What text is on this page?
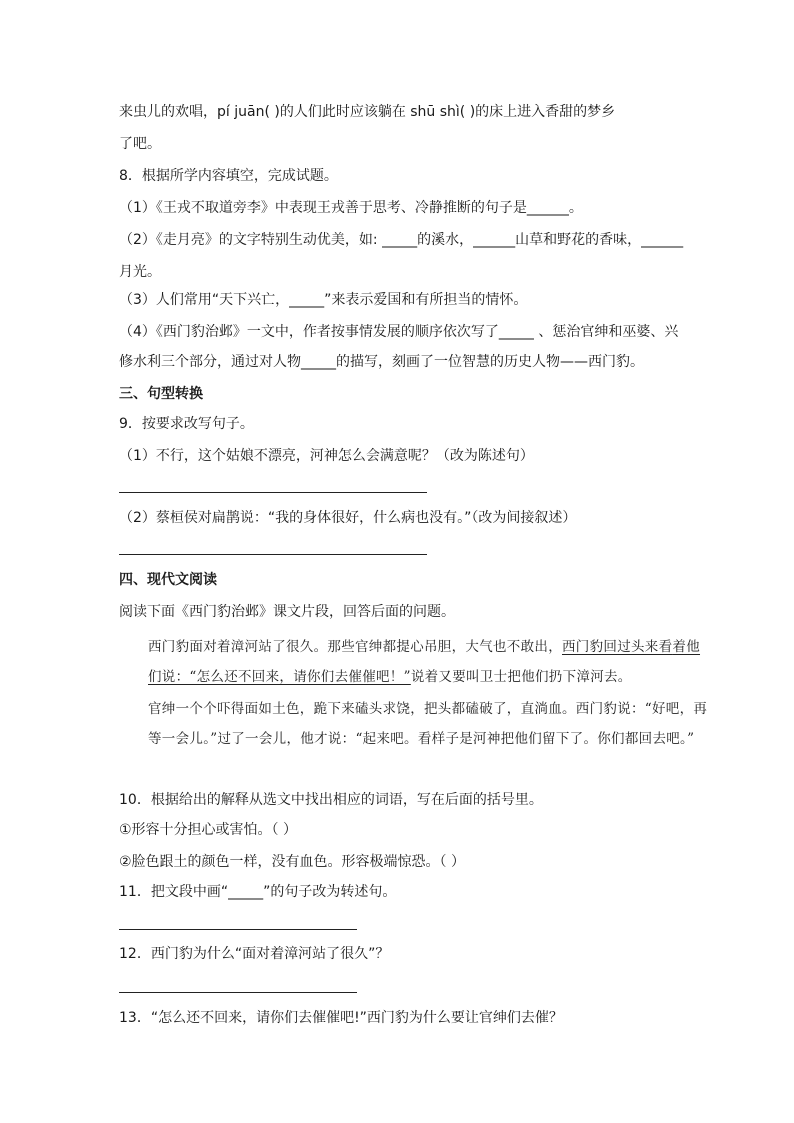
来虫儿的欢唱，pí juān( )的人们此时应该躺在 shū shì( )的床上进入香甜的梦乡
了吧。
8．根据所学内容填空，完成试题。
（1）《王戎不取道旁李》中表现王戎善于思考、冷静推断的句子是______。
（2）《走月亮》的文字特别生动优美，如: _____的溪水，______山草和野花的香味，______
月光。
（3）人们常用“天下兴亡，_____”来表示爱国和有所担当的情怀。
（4）《西门豹治邺》一文中，作者按事情发展的顺序依次写了_____ 、惩治官绅和巫婆、兴
修水利三个部分，通过对人物_____的描写，刻画了一位智慧的历史人物——西门豹。
三、句型转换
9．按要求改写句子。
（1）不行，这个姑娘不漂亮，河神怎么会满意呢？（改为陈述句）
（2）蔡桓侯对扁鹊说：“我的身体很好，什么病也没有。”（改为间接叙述）
四、现代文阅读
阅读下面《西门豹治邺》课文片段，回答后面的问题。
西门豹面对着漳河站了很久。那些官绅都提心吊胆，大气也不敢出，西门豹回过头来看着他们说：“怎么还不回来，请你们去催催吧！”说着又要叫卫士把他们扔下漳河去。
官绅一个个吓得面如土色，跪下来磕头求饶，把头都磕破了，直淌血。西门豹说：“好吧，再等一会儿。”过了一会儿，他才说：“起来吧。看样子是河神把他们留下了。你们都回去吧。”
10．根据给出的解释从选文中找出相应的词语，写在后面的括号里。
①形容十分担心或害怕。（ ）
②脸色跟土的颜色一样，没有血色。形容极端惊恐。（ ）
11．把文段中画“_____”的句子改为转述句。
12．西门豹为什么“面对着漳河站了很久”？
13．“怎么还不回来，请你们去催催吧!”西门豹为什么要让官绅们去催？
